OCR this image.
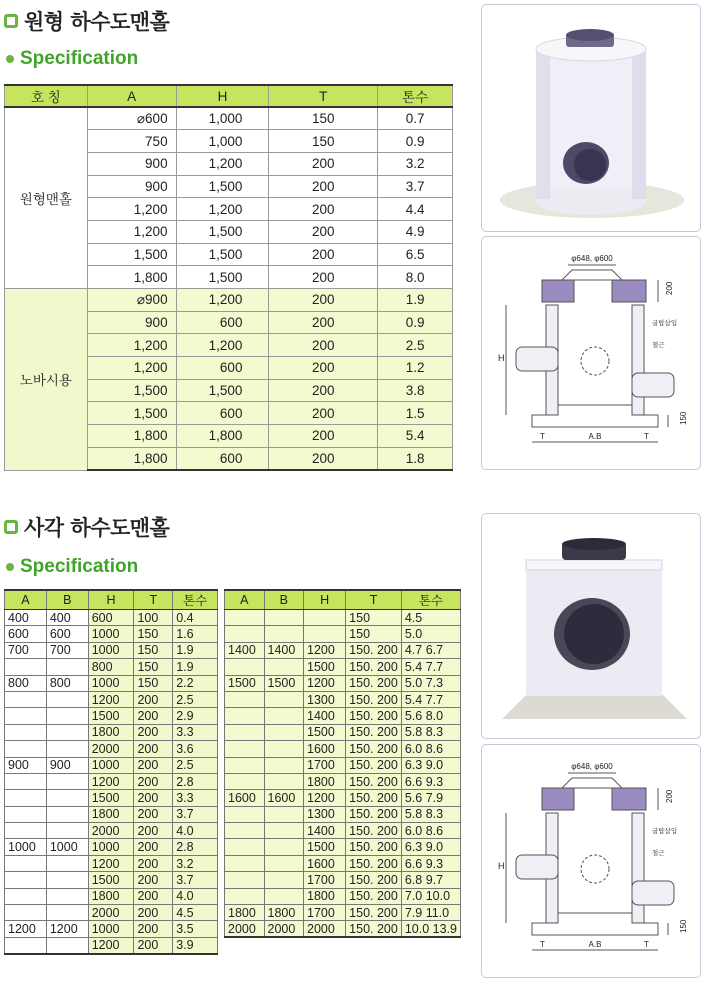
원형 하수도맨홀
Specification
호 칭	A	H	T	톤수
원형맨홀	⌀600	1,000	150	0.7
	750	1,000	150	0.9
	900	1,200	200	3.2
	900	1,500	200	3.7
	1,200	1,200	200	4.4
	1,200	1,500	200	4.9
	1,500	1,500	200	6.5
	1,800	1,500	200	8.0
노바시용	⌀900	1,200	200	1.9
	900	600	200	0.9
	1,200	1,200	200	2.5
	1,200	600	200	1.2
	1,500	1,500	200	3.8
	1,500	600	200	1.5
	1,800	1,800	200	5.4
	1,800	600	200	1.8
φ648, φ600
200
굽탑삽입
철근
H
150
T	A.B	T
사각 하수도맨홀
Specification
A	B	H	T	톤수
400	400	600	100	0.4
600	600	1000	150	1.6
700	700	1000	150	1.9
		800	150	1.9
800	800	1000	150	2.2
		1200	200	2.5
		1500	200	2.9
		1800	200	3.3
		2000	200	3.6
900	900	1000	200	2.5
		1200	200	2.8
		1500	200	3.3
		1800	200	3.7
		2000	200	4.0
1000	1000	1000	200	2.8
		1200	200	3.2
		1500	200	3.7
		1800	200	4.0
		2000	200	4.5
1200	1200	1000	200	3.5
		1200	200	3.9
A	B	H	T	톤수
			150	4.5
			150	5.0
1400	1400	1200	150. 200	4.7 6.7
		1500	150. 200	5.4 7.7
1500	1500	1200	150. 200	5.0 7.3
		1300	150. 200	5.4 7.7
		1400	150. 200	5.6 8.0
		1500	150. 200	5.8 8.3
		1600	150. 200	6.0 8.6
		1700	150. 200	6.3 9.0
		1800	150. 200	6.6 9.3
1600	1600	1200	150. 200	5.6 7.9
		1300	150. 200	5.8 8.3
		1400	150. 200	6.0 8.6
		1500	150. 200	6.3 9.0
		1600	150. 200	6.6 9.3
		1700	150. 200	6.8 9.7
		1800	150. 200	7.0 10.0
1800	1800	1700	150. 200	7.9 11.0
2000	2000	2000	150. 200	10.0 13.9
φ648, φ600
200
굽탑삽입
철근
H
150
T	A.B	T
